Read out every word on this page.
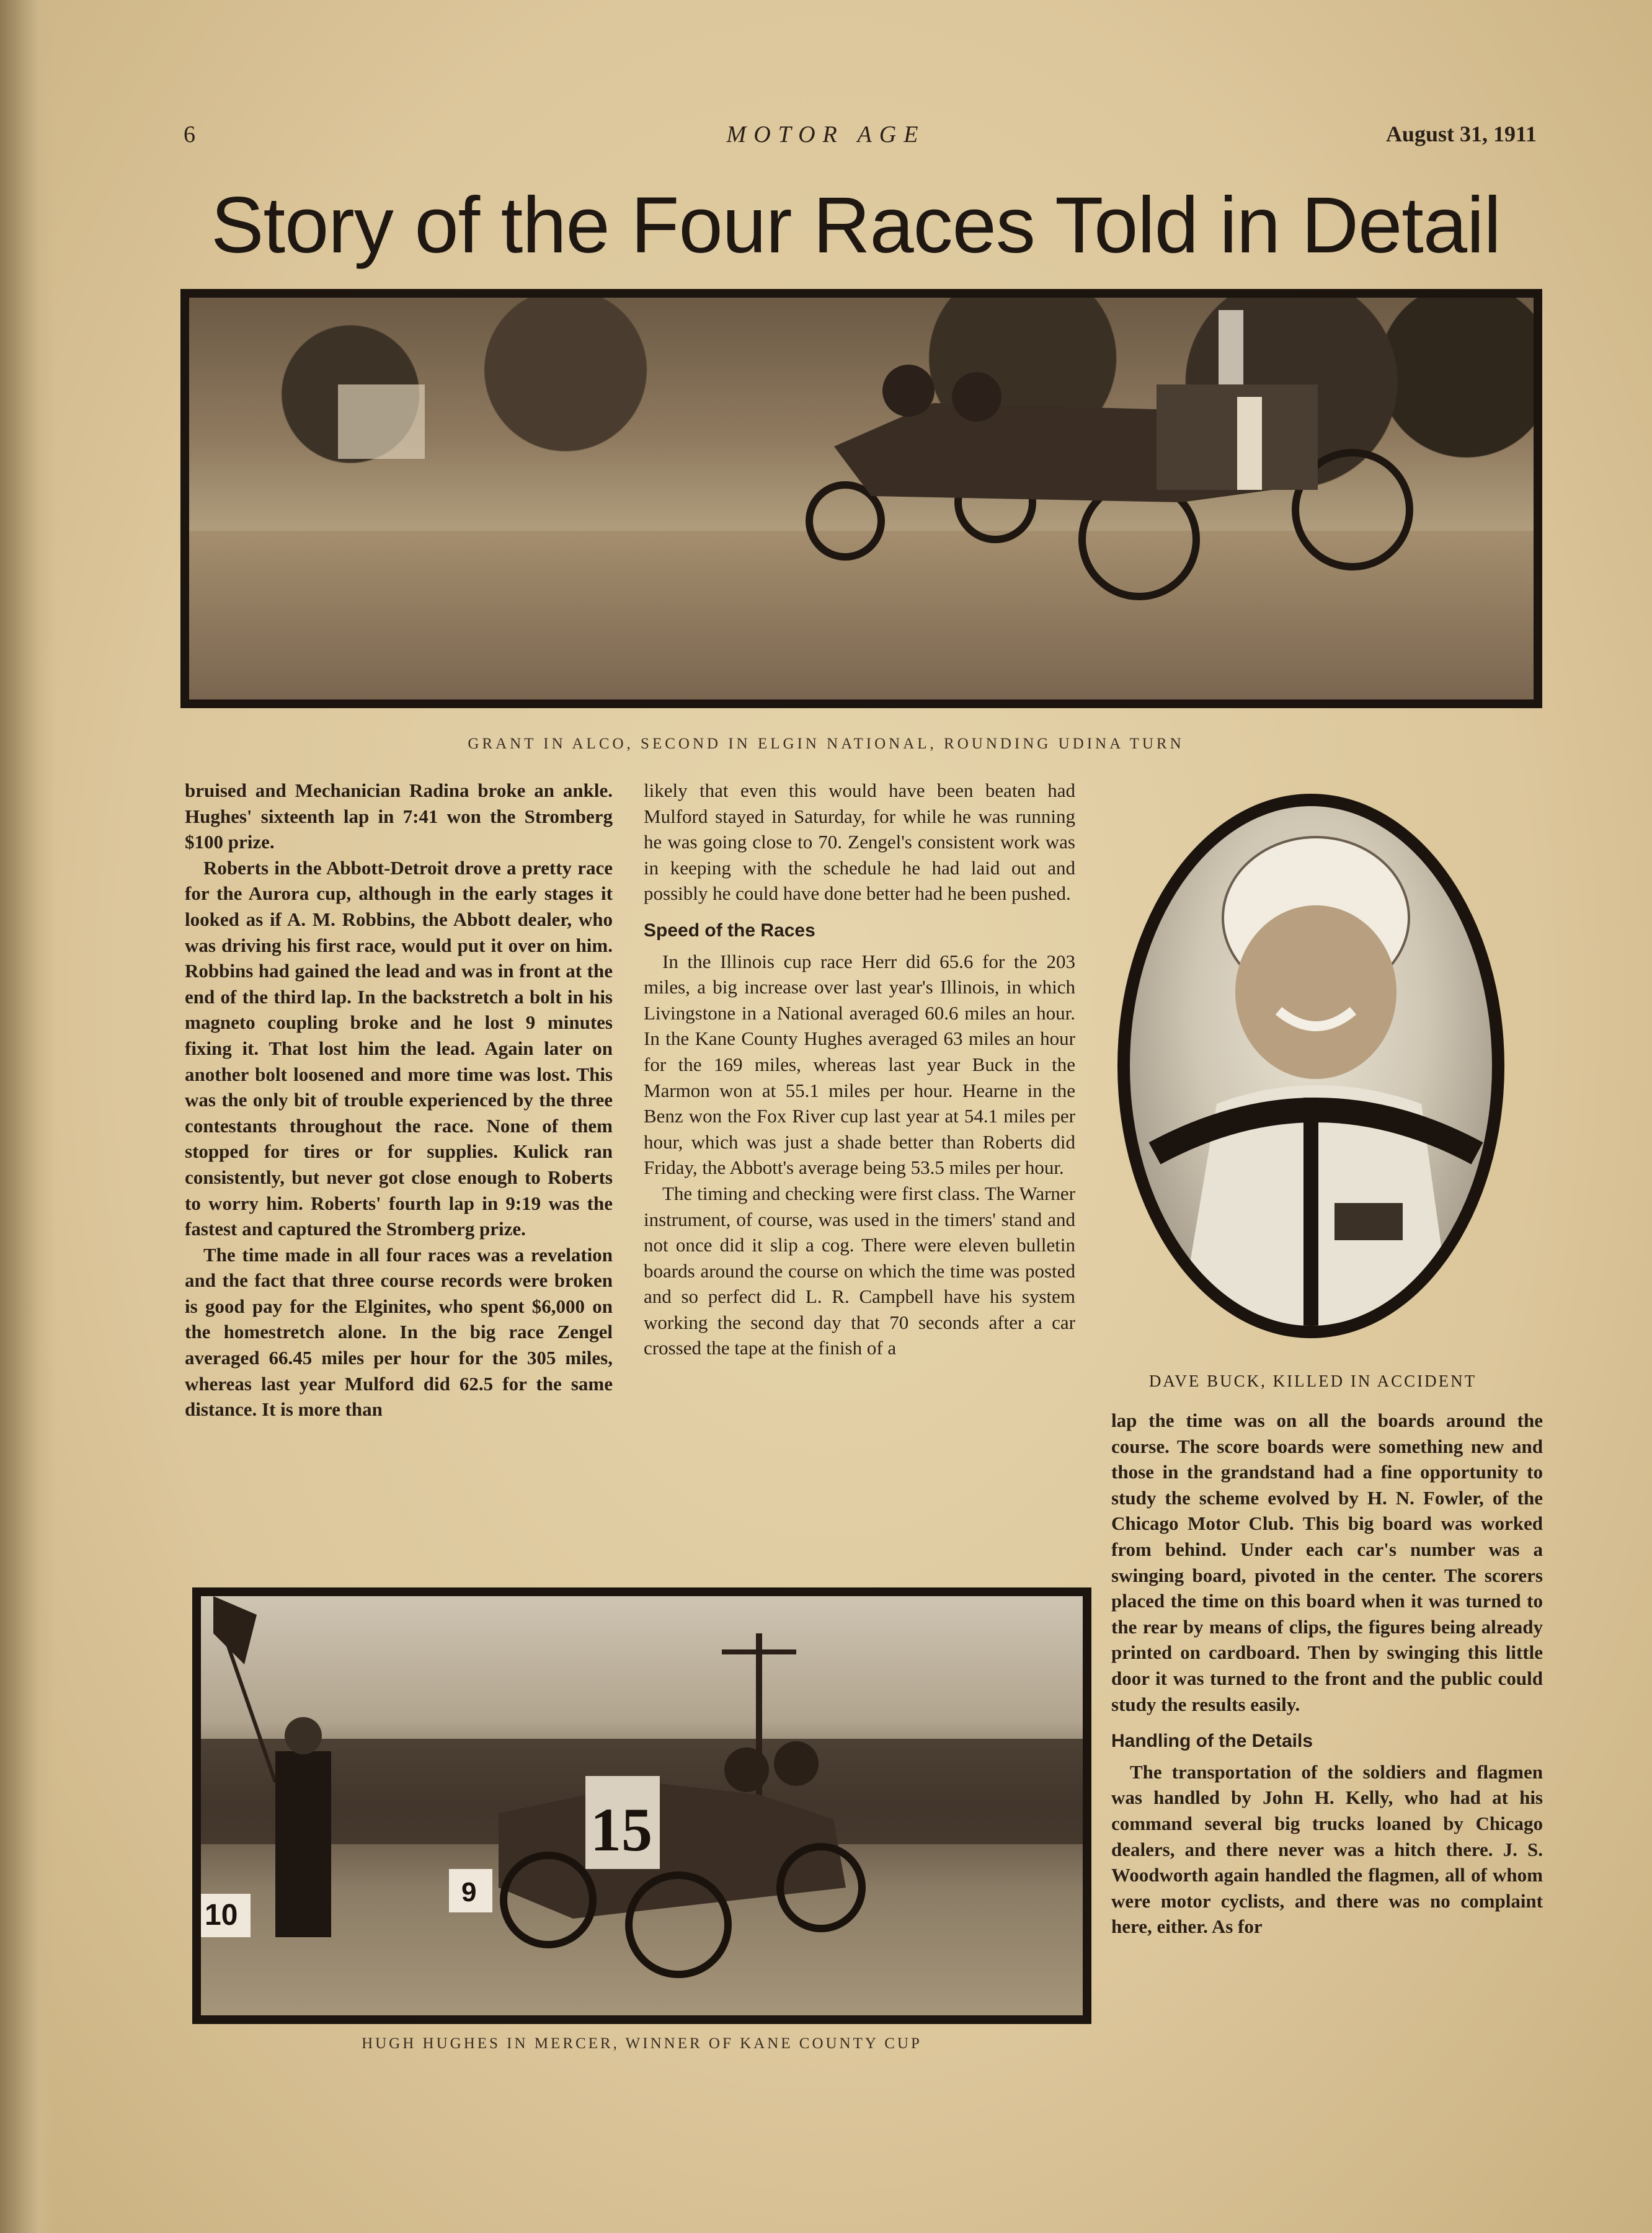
6	MOTOR AGE	August 31, 1911
Story of the Four Races Told in Detail
GRANT IN ALCO, SECOND IN ELGIN NATIONAL, ROUNDING UDINA TURN

bruised and Mechanician Radina broke an ankle. Hughes' sixteenth lap in 7:41 won the Stromberg $100 prize.

Roberts in the Abbott-Detroit drove a pretty race for the Aurora cup, although in the early stages it looked as if A. M. Robbins, the Abbott dealer, who was driving his first race, would put it over on him. Robbins had gained the lead and was in front at the end of the third lap. In the backstretch a bolt in his magneto coupling broke and he lost 9 minutes fixing it. That lost him the lead. Again later on another bolt loosened and more time was lost. This was the only bit of trouble experienced by the three contestants throughout the race. None of them stopped for tires or for supplies. Kulick ran consistently, but never got close enough to Roberts to worry him. Roberts' fourth lap in 9:19 was the fastest and captured the Stromberg prize.

The time made in all four races was a revelation and the fact that three course records were broken is good pay for the Elginites, who spent $6,000 on the homestretch alone. In the big race Zengel averaged 66.45 miles per hour for the 305 miles, whereas last year Mulford did 62.5 for the same distance. It is more than

likely that even this would have been beaten had Mulford stayed in Saturday, for while he was running he was going close to 70. Zengel's consistent work was in keeping with the schedule he had laid out and possibly he could have done better had he been pushed.

Speed of the Races

In the Illinois cup race Herr did 65.6 for the 203 miles, a big increase over last year's Illinois, in which Livingstone in a National averaged 60.6 miles an hour. In the Kane County Hughes averaged 63 miles an hour for the 169 miles, whereas last year Buck in the Marmon won at 55.1 miles per hour. Hearne in the Benz won the Fox River cup last year at 54.1 miles per hour, which was just a shade better than Roberts did Friday, the Abbott's average being 53.5 miles per hour.

The timing and checking were first class. The Warner instrument, of course, was used in the timers' stand and not once did it slip a cog. There were eleven bulletin boards around the course on which the time was posted and so perfect did L. R. Campbell have his system working the second day that 70 seconds after a car crossed the tape at the finish of a

DAVE BUCK, KILLED IN ACCIDENT

lap the time was on all the boards around the course. The score boards were something new and those in the grandstand had a fine opportunity to study the scheme evolved by H. N. Fowler, of the Chicago Motor Club. This big board was worked from behind. Under each car's number was a swinging board, pivoted in the center. The scorers placed the time on this board when it was turned to the rear by means of clips, the figures being already printed on cardboard. Then by swinging this little door it was turned to the front and the public could study the results easily.

Handling of the Details

The transportation of the soldiers and flagmen was handled by John H. Kelly, who had at his command several big trucks loaned by Chicago dealers, and there never was a hitch there. J. S. Woodworth again handled the flagmen, all of whom were motor cyclists, and there was no complaint here, either. As for

10
9
15
HUGH HUGHES IN MERCER, WINNER OF KANE COUNTY CUP
